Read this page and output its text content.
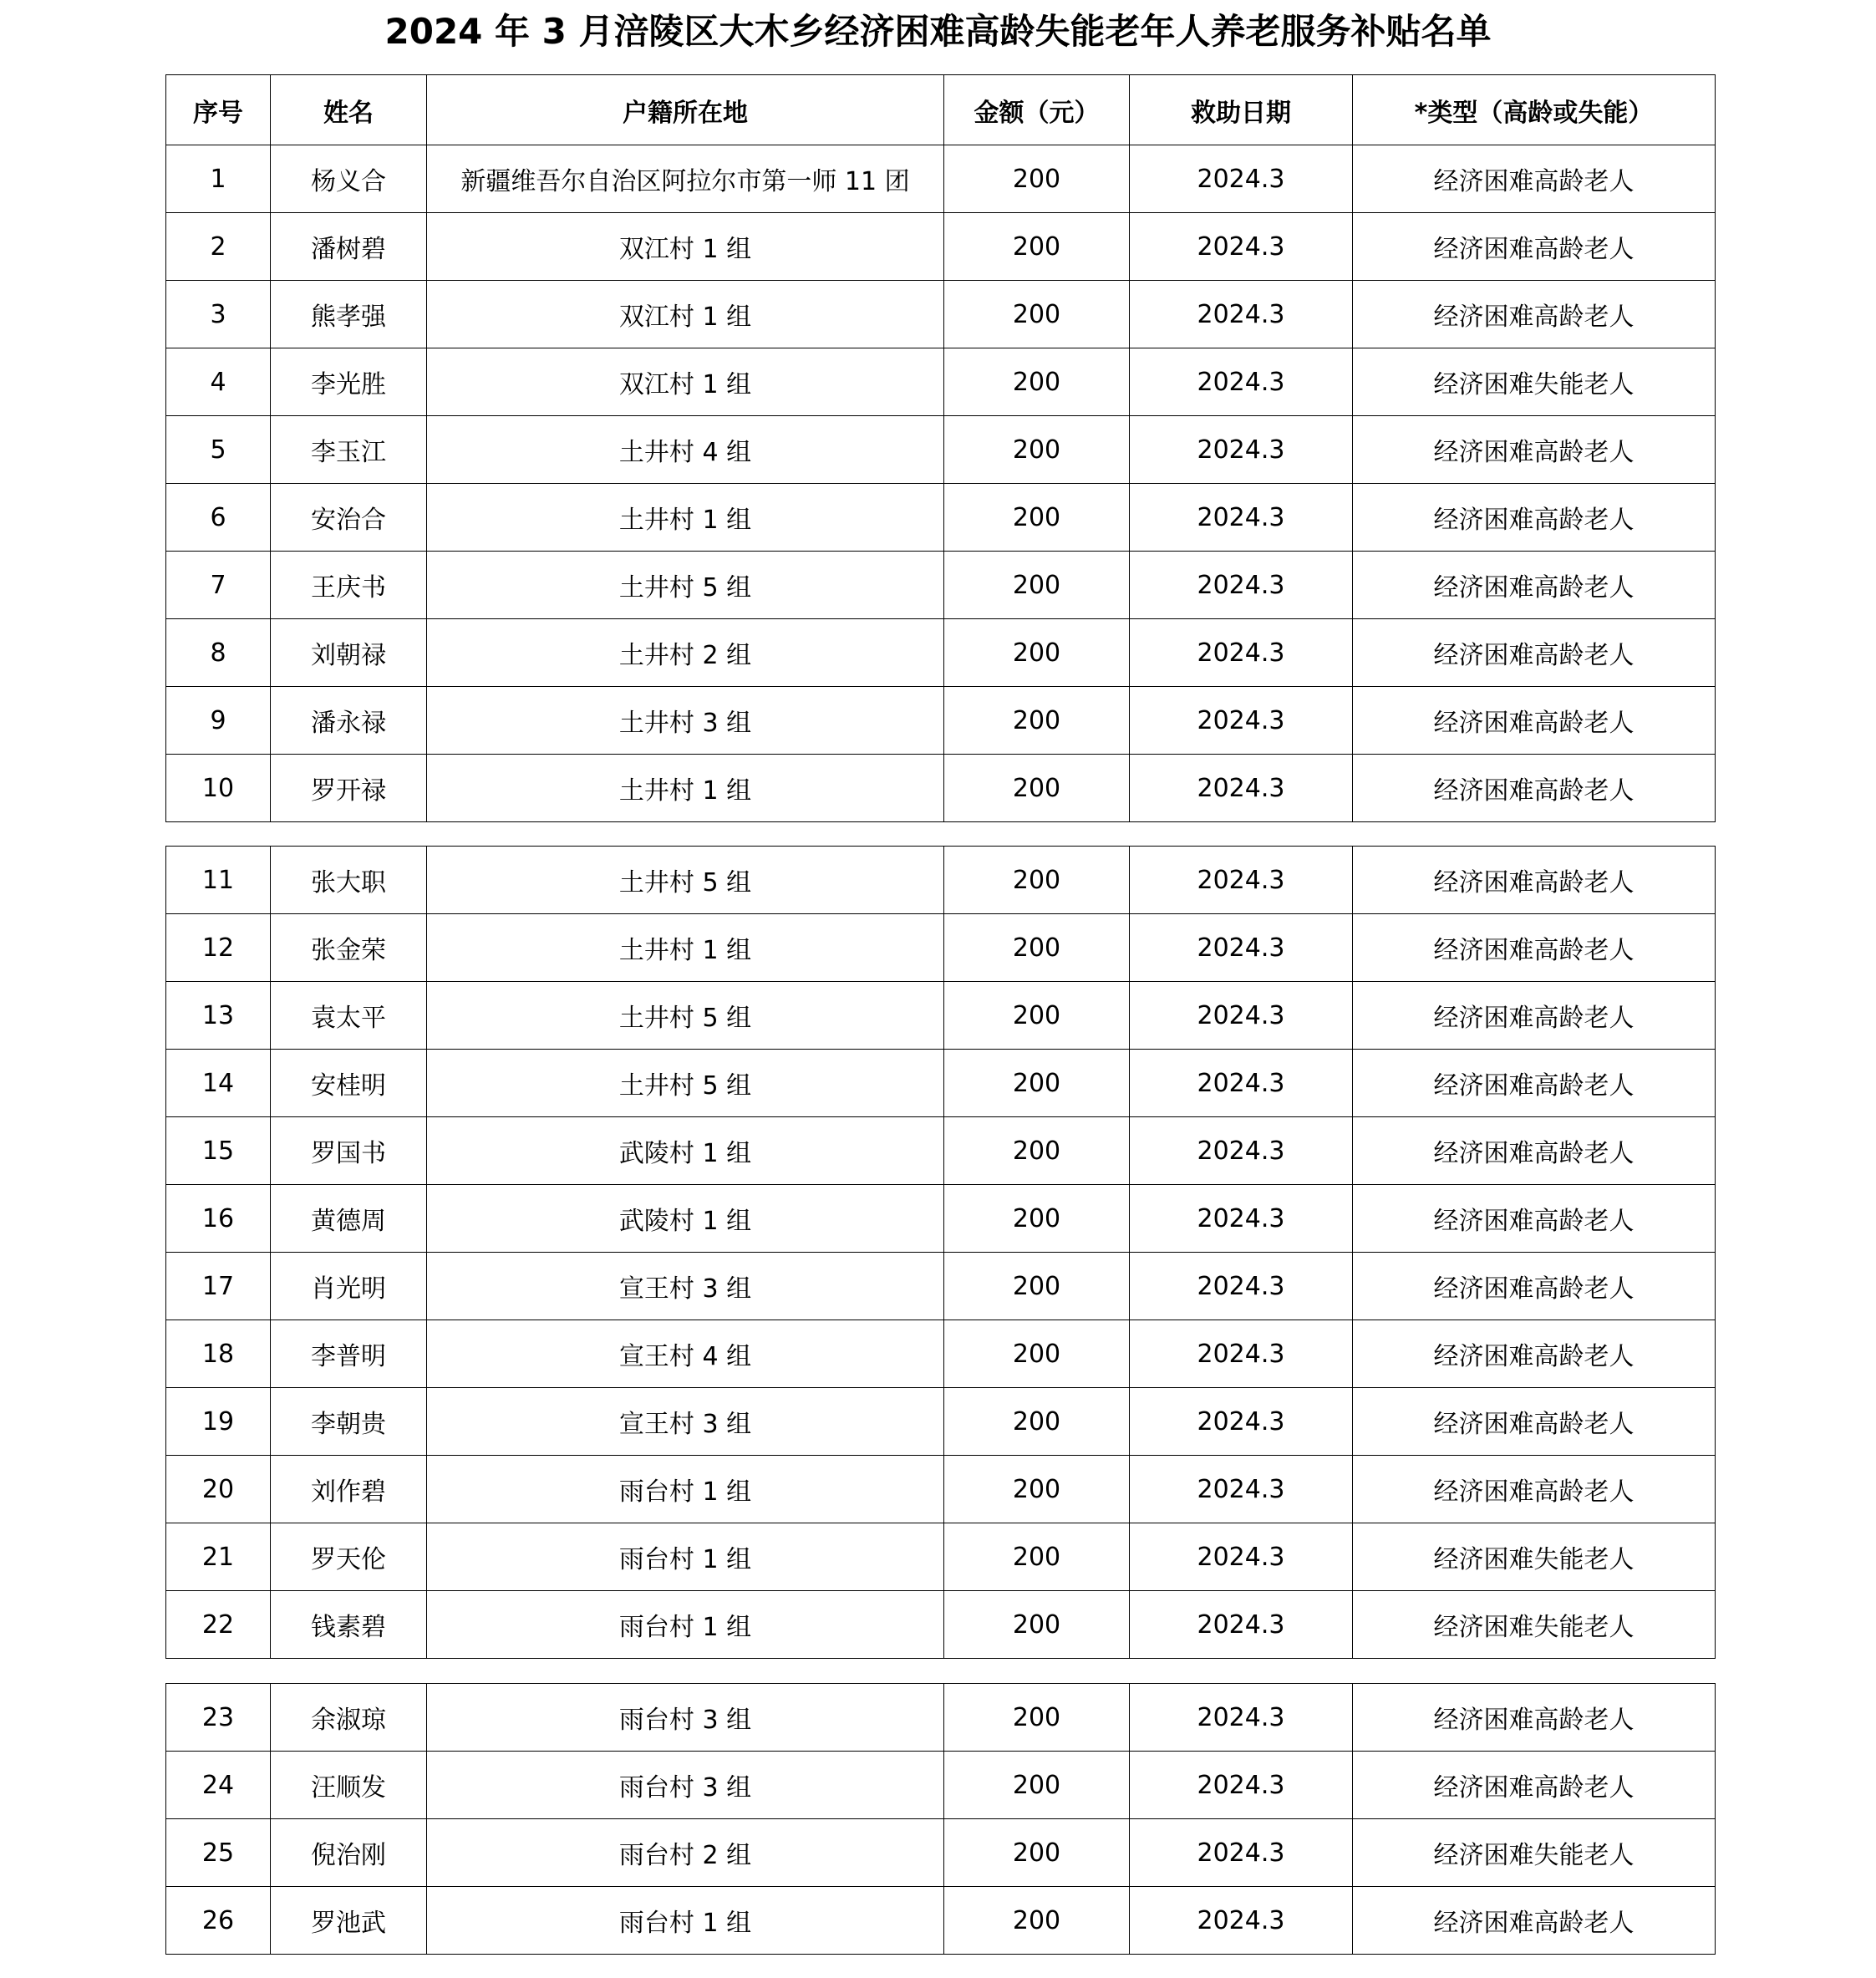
2024 年 3 月涪陵区大木乡经济困难高龄失能老年人养老服务补贴名单
序号	姓名	户籍所在地	金额（元）	救助日期	*类型（高龄或失能）
1	杨义合	新疆维吾尔自治区阿拉尔市第一师 11 团	200	2024.3	经济困难高龄老人
2	潘树碧	双江村 1 组	200	2024.3	经济困难高龄老人
3	熊孝强	双江村 1 组	200	2024.3	经济困难高龄老人
4	李光胜	双江村 1 组	200	2024.3	经济困难失能老人
5	李玉江	土井村 4 组	200	2024.3	经济困难高龄老人
6	安治合	土井村 1 组	200	2024.3	经济困难高龄老人
7	王庆书	土井村 5 组	200	2024.3	经济困难高龄老人
8	刘朝禄	土井村 2 组	200	2024.3	经济困难高龄老人
9	潘永禄	土井村 3 组	200	2024.3	经济困难高龄老人
10	罗开禄	土井村 1 组	200	2024.3	经济困难高龄老人
11	张大职	土井村 5 组	200	2024.3	经济困难高龄老人
12	张金荣	土井村 1 组	200	2024.3	经济困难高龄老人
13	袁太平	土井村 5 组	200	2024.3	经济困难高龄老人
14	安桂明	土井村 5 组	200	2024.3	经济困难高龄老人
15	罗国书	武陵村 1 组	200	2024.3	经济困难高龄老人
16	黄德周	武陵村 1 组	200	2024.3	经济困难高龄老人
17	肖光明	宣王村 3 组	200	2024.3	经济困难高龄老人
18	李普明	宣王村 4 组	200	2024.3	经济困难高龄老人
19	李朝贵	宣王村 3 组	200	2024.3	经济困难高龄老人
20	刘作碧	雨台村 1 组	200	2024.3	经济困难高龄老人
21	罗天伦	雨台村 1 组	200	2024.3	经济困难失能老人
22	钱素碧	雨台村 1 组	200	2024.3	经济困难失能老人
23	余淑琼	雨台村 3 组	200	2024.3	经济困难高龄老人
24	汪顺发	雨台村 3 组	200	2024.3	经济困难高龄老人
25	倪治刚	雨台村 2 组	200	2024.3	经济困难失能老人
26	罗池武	雨台村 1 组	200	2024.3	经济困难高龄老人
